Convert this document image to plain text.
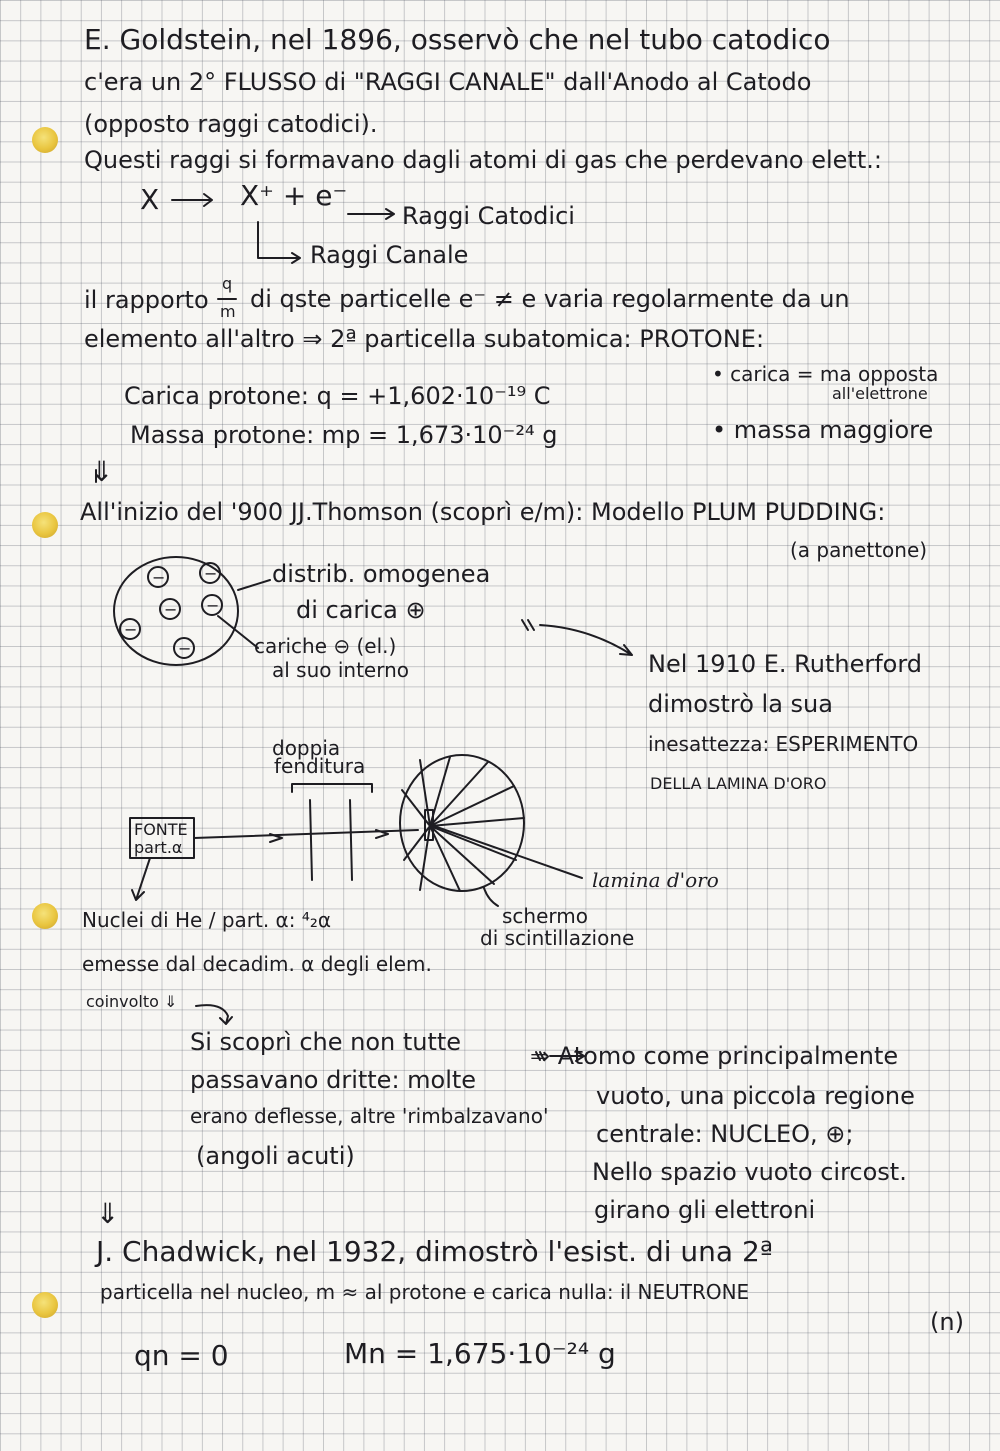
E. Goldstein, nel 1896, osservò che nel tubo catodico
c'era un 2° FLUSSO di "RAGGI CANALE" dall'Anodo al Catodo
(opposto raggi catodici).
Questi raggi si formavano dagli atomi di gas che perdevano elett.:
X	X⁺ + e⁻
Raggi Catodici
Raggi Canale
il rapporto
q
m di qste particelle e⁻ ≠ e varia regolarmente da un
elemento all'altro ⇒ 2ª particella subatomica: PROTONE:
Carica protone: q = +1,602·10⁻¹⁹ C
Massa protone: mp = 1,673·10⁻²⁴ g
• carica = ma opposta
all'elettrone
• massa maggiore
⇓
All'inizio del '900 JJ.Thomson (scoprì e/m): Modello PLUM PUDDING:
(a panettone)
distrib. omogenea
di carica ⊕
cariche ⊖ (el.)
al suo interno
− −
− −
−
−
Nel 1910 E. Rutherford
dimostrò la sua
inesattezza: ESPERIMENTO
DELLA LAMINA D'ORO
doppia
fenditura
FONTE
part.α
lamina d'oro
schermo
di scintillazione
Nuclei di He / part. α: ⁴₂α
emesse dal decadim. α degli elem.
coinvolto ⇓
Si scoprì che non tutte
passavano dritte: molte
erano deflesse, altre 'rimbalzavano'
(angoli acuti)
⇒ Atomo come principalmente
vuoto, una piccola regione
centrale: NUCLEO, ⊕;
Nello spazio vuoto circost.
girano gli elettroni
⇓
J. Chadwick, nel 1932, dimostrò l'esist. di una 2ª
particella nel nucleo, m ≈ al protone e carica nulla: il NEUTRONE
(n)
qn = 0	Mn = 1,675·10⁻²⁴ g
